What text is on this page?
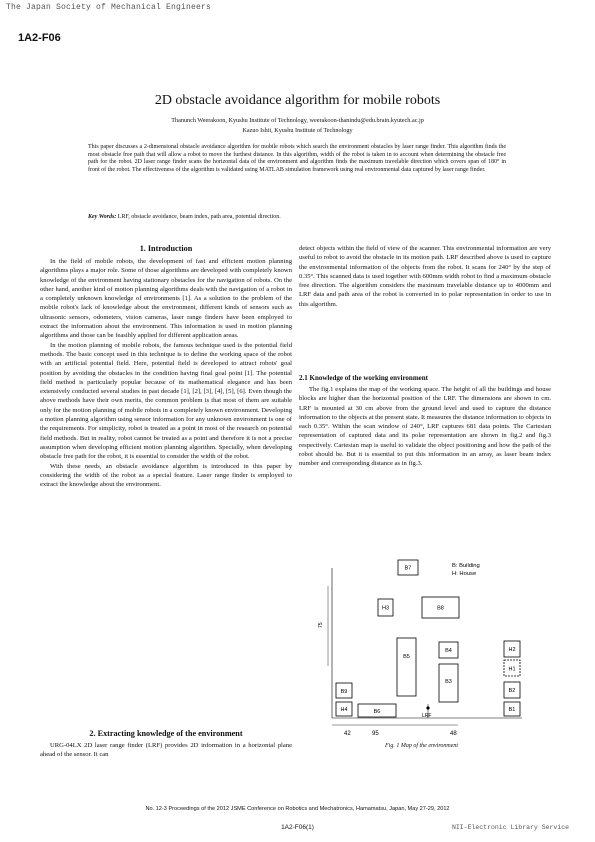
The Japan Society of Mechanical Engineers
1A2-F06
2D obstacle avoidance algorithm for mobile robots
Thanunch Weerakoon, Kyushu Institute of Technology, weerakoon-thanindu@edu.brain.kyutech.ac.jp
Kazuo Ishii, Kyushu Institute of Technology
This paper discusses a 2-dimensional obstacle avoidance algorithm for mobile robots which search the environment obstacles by laser range finder. This algorithm finds the most obstacle free path that will allow a robot to move the furthest distance. In this algorithm, width of the robot is taken in to account when determining the obstacle free path for the robot. 2D laser range finder scans the horizontal data of the environment and algorithm finds the maximum travelable direction which covers span of 180° in front of the robot. The effectiveness of the algorithm is validated using MATLAB simulation framework using real environmental data captured by laser range finder.
Key Words: LRF, obstacle avoidance, beam index, path area, potential direction.
1. Introduction

In the field of mobile robots, the development of fast and efficient motion planning algorithms plays a major role. Some of those algorithms are developed with completely known knowledge of the environment having stationary obstacles for the navigation of robots. On the other hand, another kind of motion planning algorithms deals with the navigation of a robot in a completely unknown knowledge of environments [1]. As a solution to the problem of the mobile robot's lack of knowledge about the environment, different kinds of sensors such as ultrasonic sensors, odometers, vision cameras, laser range finders have been employed to extract the information about the environment. This information is used in motion planning algorithms and those can be feasibly applied for different application areas.

In the motion planning of mobile robots, the famous technique used is the potential field methods. The basic concept used in this technique is to define the working space of the robot with an artificial potential field. Here, potential field is developed to attract robots' goal position by avoiding the obstacles in the condition having final goal point [1]. The potential field method is particularly popular because of its mathematical elegance and has been extensively conducted several studies in past decade [1], [2], [3], [4], [5], [6]. Even though the above methods have their own merits, the common problem is that most of them are suitable only for the motion planning of mobile robots in a completely known environment. Developing a motion planning algorithm using sensor information for any unknown environment is one of the requirements. For simplicity, robot is treated as a point in most of the research on potential field methods. But in reality, robot cannot be treated as a point and therefore it is not a precise assumption when developing efficient motion planning algorithm. Specially, when developing obstacle free path for the robot, it is essential to consider the width of the robot.

With these needs, an obstacle avoidance algorithm is introduced in this paper by considering the width of the robot as a special feature. Laser range finder is employed to extract the knowledge about the environment.

2. Extracting knowledge of the environment

URG-04LX 2D laser range finder (LRF) provides 2D information in a horizontal plane ahead of the sensor. It can

detect objects within the field of view of the scanner. This environmental information are very useful to robot to avoid the obstacle in its motion path. LRF described above is used to capture the environmental information of the objects from the robot. It scans for 240° by the step of 0.35°. This scanned data is used together with 600mm width robot to find a maximum obstacle free direction. The algorithm considers the maximum travelable distance up to 4000mm and LRF data and path area of the robot is converted in to polar representation in order to use in this algorithm.

2.1 Knowledge of the working environment

The fig.1 explains the map of the working space. The height of all the buildings and house blocks are higher than the horizontal position of the LRF. The dimensions are shown in cm. LRF is mounted at 30 cm above from the ground level and used to capture the distance information to the objects at the present state. It measures the distance information to objects in each 0.35°. Within the scan window of 240°, LRF captures 681 data points. The Cartesian representation of captured data and its polar representation are shown in fig.2 and fig.3 respectively. Cartesian map is useful to validate the object positioning and how the path of the robot should be. But it is essential to put this information in an array, as laser beam index number and corresponding distance as in fig.3.

75
42	95	48
B: Building
H: House
B7
H3	B8
B5
B4
B3
H2
H1
B2
B9
H4	B6	B1
LRF
Fig. 1 Map of the environment
No. 12-3 Proceedings of the 2012 JSME Conference on Robotics and Mechatronics, Hamamatsu, Japan, May 27-29, 2012
1A2-F06(1)	NII-Electronic Library Service
